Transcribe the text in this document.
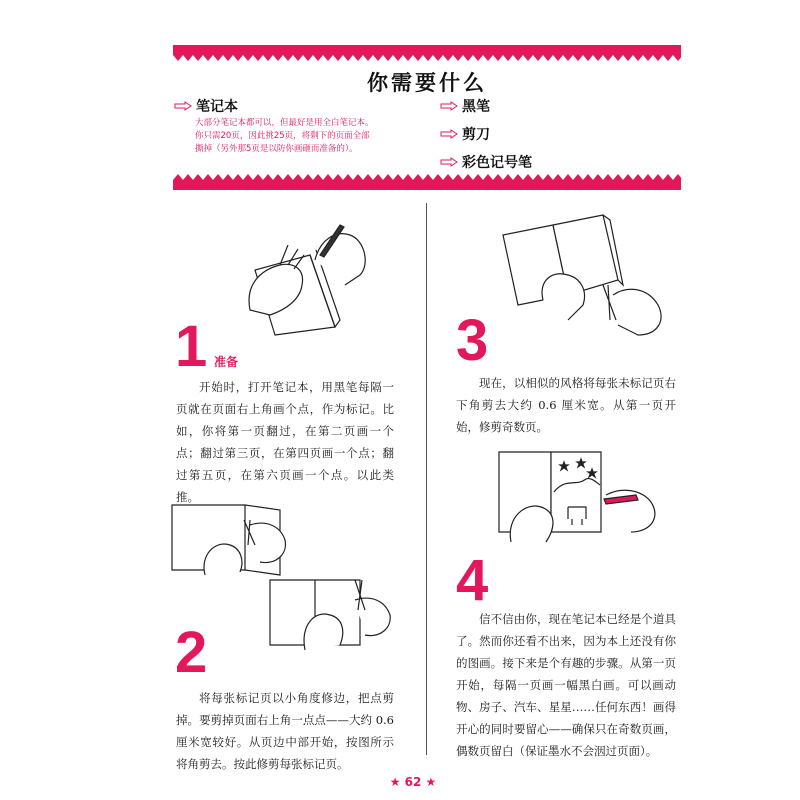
你需要什么
笔记本
大部分笔记本都可以，但最好是用全白笔记本。你只需20页，因此挑25页，将剩下的页面全部撕掉（另外那5页是以防你画砸而准备的）。
黑笔
剪刀
彩色记号笔
1 准备
开始时，打开笔记本，用黑笔每隔一页就在页面右上角画个点，作为标记。比如，你将第一页翻过，在第二页画一个点；翻过第三页，在第四页画一个点；翻过第五页，在第六页画一个点。以此类推。
2
将每张标记页以小角度修边，把点剪掉。要剪掉页面右上角一点点——大约 0.6 厘米宽较好。从页边中部开始，按图所示将角剪去。按此修剪每张标记页。
3
现在，以相似的风格将每张未标记页右下角剪去大约 0.6 厘米宽。从第一页开始，修剪奇数页。
4
信不信由你，现在笔记本已经是个道具了。然而你还看不出来，因为本上还没有你的图画。接下来是个有趣的步骤。从第一页开始，每隔一页画一幅黑白画。可以画动物、房子、汽车、星星……任何东西！画得开心的同时要留心——确保只在奇数页画，偶数页留白（保证墨水不会洇过页面）。
★ 62 ★
